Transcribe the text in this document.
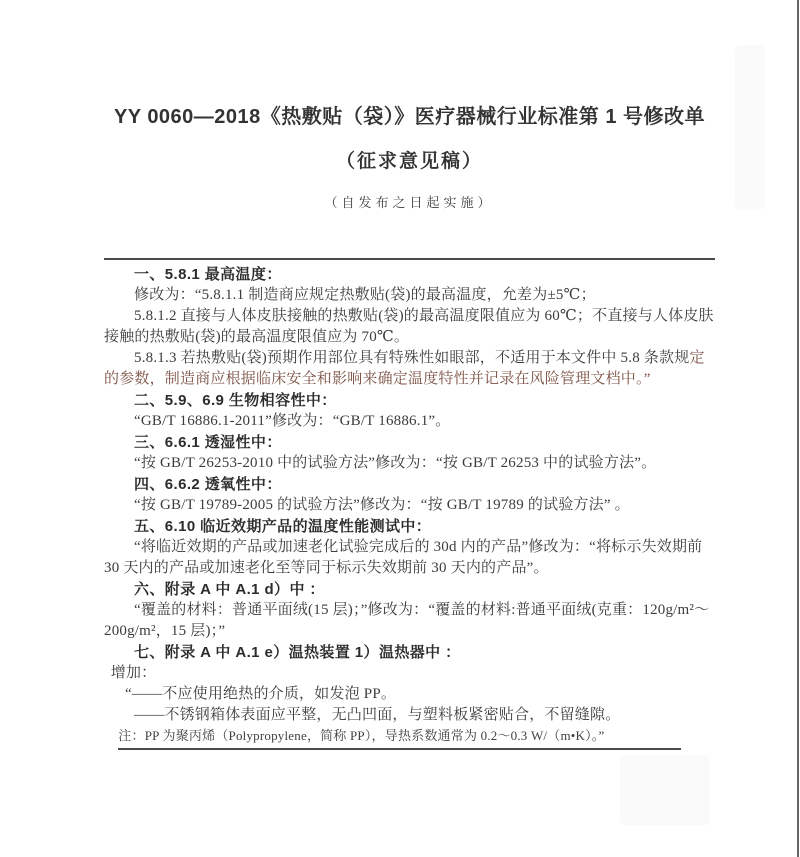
YY 0060—2018《热敷贴（袋）》医疗器械行业标准第 1 号修改单
（征求意见稿）
（自发布之日起实施）

一、5.8.1 最高温度：

修改为：“5.8.1.1 制造商应规定热敷贴(袋)的最高温度，允差为±5℃；

5.8.1.2 直接与人体皮肤接触的热敷贴(袋)的最高温度限值应为 60℃；不直接与人体皮肤接触的热敷贴(袋)的最高温度限值应为 70℃。

5.8.1.3 若热敷贴(袋)预期作用部位具有特殊性如眼部，不适用于本文件中 5.8 条款规定的参数，制造商应根据临床安全和影响来确定温度特性并记录在风险管理文档中。”

二、5.9、6.9 生物相容性中：

“GB/T 16886.1-2011”修改为：“GB/T 16886.1”。

三、6.6.1 透湿性中：

“按 GB/T 26253-2010 中的试验方法”修改为：“按 GB/T 26253 中的试验方法”。

四、6.6.2 透氧性中：

“按 GB/T 19789-2005 的试验方法”修改为：“按 GB/T 19789 的试验方法” 。

五、6.10 临近效期产品的温度性能测试中：

“将临近效期的产品或加速老化试验完成后的 30d 内的产品”修改为：“将标示失效期前 30 天内的产品或加速老化至等同于标示失效期前 30 天内的产品”。

六、附录 A 中 A.1 d）中 ：

“覆盖的材料：普通平面绒(15 层)；”修改为：“覆盖的材料:普通平面绒(克重：120g/m²～200g/m²，15 层)；”

七、附录 A 中 A.1 e）温热装置 1）温热器中 ：

增加：

“——不应使用绝热的介质，如发泡 PP。

——不锈钢箱体表面应平整，无凸凹面，与塑料板紧密贴合，不留缝隙。

注：PP 为聚丙烯（Polypropylene，简称 PP），导热系数通常为 0.2～0.3 W/（m•K）。”
